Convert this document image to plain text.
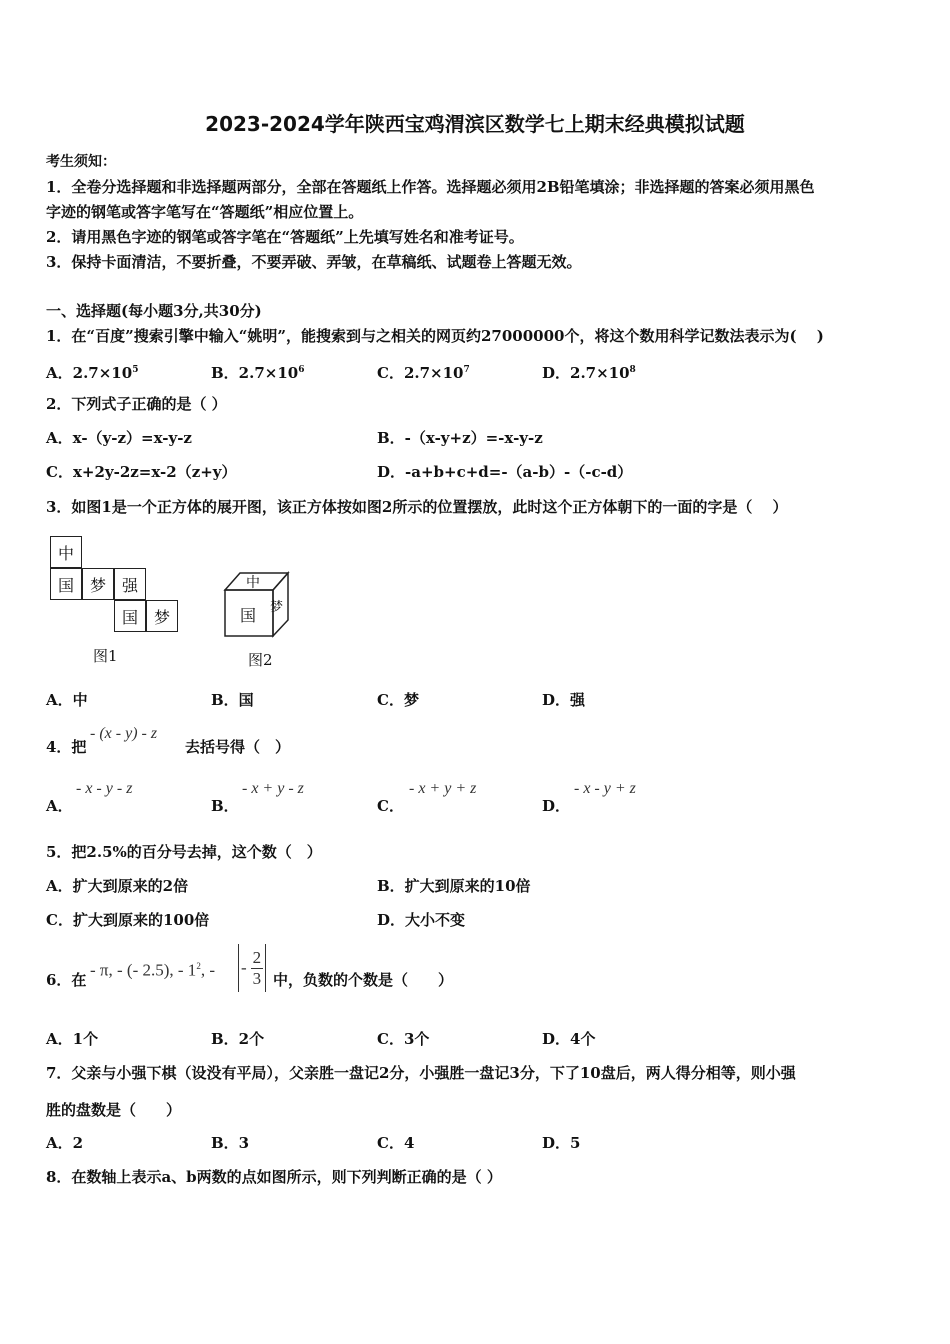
2023-2024学年陕西宝鸡渭滨区数学七上期末经典模拟试题
考生须知：
1．全卷分选择题和非选择题两部分，全部在答题纸上作答。选择题必须用2B铅笔填涂；非选择题的答案必须用黑色
字迹的钢笔或答字笔写在“答题纸”相应位置上。
2．请用黑色字迹的钢笔或答字笔在“答题纸”上先填写姓名和准考证号。
3．保持卡面清洁，不要折叠，不要弄破、弄皱，在草稿纸、试题卷上答题无效。
一、选择题(每小题3分,共30分)
1．在“百度”搜索引擎中输入“姚明”，能搜索到与之相关的网页约27000000个，将这个数用科学记数法表示为(　 )
A．$2.7\times 10^5$	B．$2.7\times 10^6$	C．$2.7\times 10^7$	D．$2.7\times 10^8$
2．下列式子正确的是（ ）
A．x-（y-z）=x-y-z	B．-（x-y+z）=-x-y-z
C．x+2y-2z=x-2（z+y）	D．-a+b+c+d=-（a-b）-（-c-d）
3．如图1是一个正方体的展开图，该正方体按如图2所示的位置摆放，此时这个正方体朝下的一面的字是（　 ）
中
国 梦 强
国 梦
图1
中
国 梦
图2
A．中	B．国	C．梦	D．强
4．把
- (x - y) - z
去括号得（　）
A．
- x - y - z
B．
- x + y - z
C．
- x + y + z
D．
- x - y + z
5．把2.5%的百分号去掉，这个数（　）
A．扩大到原来的2倍	B．扩大到原来的10倍
C．扩大到原来的100倍	D．大小不变
6．在
- π, - (- 2.5), - $1^2$, - - $\frac{2}{3}$ 中，负数的个数是（　　）
A．1个	B．2个	C．3个	D．4个
7．父亲与小强下棋（设没有平局），父亲胜一盘记2分，小强胜一盘记3分，下了10盘后，两人得分相等，则小强
胜的盘数是（　　）
A．2	B．3	C．4	D．5
8．在数轴上表示a、b两数的点如图所示，则下列判断正确的是（ ）
